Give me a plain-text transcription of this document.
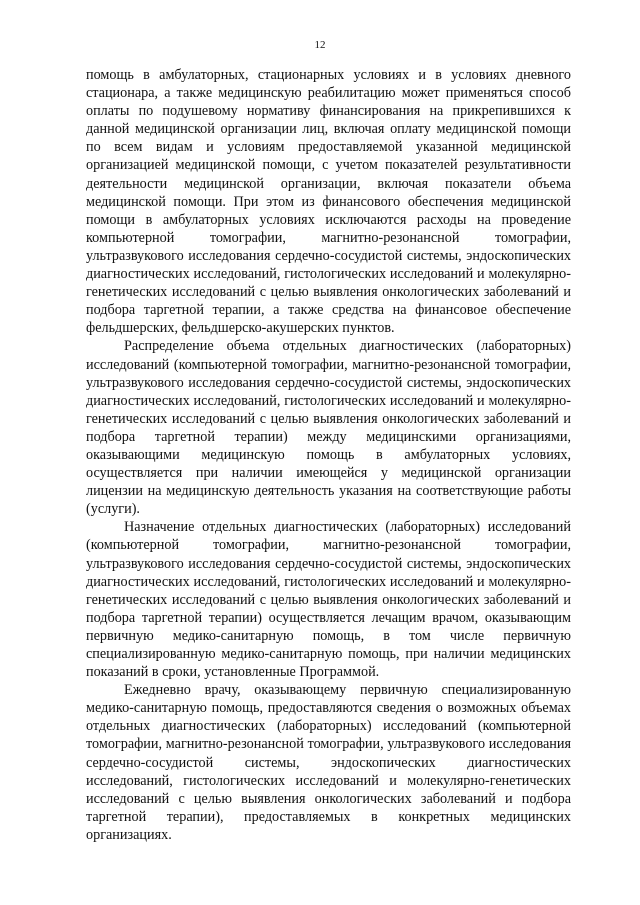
12

помощь в амбулаторных, стационарных условиях и в условиях дневного стационара, а также медицинскую реабилитацию может применяться способ оплаты по подушевому нормативу финансирования на прикрепившихся к данной медицинской организации лиц, включая оплату медицинской помощи по всем видам и условиям предоставляемой указанной медицинской организацией медицинской помощи, с учетом показателей результативности деятельности медицинской организации, включая показатели объема медицинской помощи. При этом из финансового обеспечения медицинской помощи в амбулаторных условиях исключаются расходы на проведение компьютерной томографии, магнитно-резонансной томографии, ультразвукового исследования сердечно-сосудистой системы, эндоскопических диагностических исследований, гистологических исследований и молекулярно-генетических исследований с целью выявления онкологических заболеваний и подбора таргетной терапии, а также средства на финансовое обеспечение фельдшерских, фельдшерско-акушерских пунктов.

Распределение объема отдельных диагностических (лабораторных) исследований (компьютерной томографии, магнитно-резонансной томографии, ультразвукового исследования сердечно-сосудистой системы, эндоскопических диагностических исследований, гистологических исследований и молекулярно-генетических исследований с целью выявления онкологических заболеваний и подбора таргетной терапии) между медицинскими организациями, оказывающими медицинскую помощь в амбулаторных условиях, осуществляется при наличии имеющейся у медицинской организации лицензии на медицинскую деятельность указания на соответствующие работы (услуги).

Назначение отдельных диагностических (лабораторных) исследований (компьютерной томографии, магнитно-резонансной томографии, ультразвукового исследования сердечно-сосудистой системы, эндоскопических диагностических исследований, гистологических исследований и молекулярно-генетических исследований с целью выявления онкологических заболеваний и подбора таргетной терапии) осуществляется лечащим врачом, оказывающим первичную медико-санитарную помощь, в том числе первичную специализированную медико-санитарную помощь, при наличии медицинских показаний в сроки, установленные Программой.

Ежедневно врачу, оказывающему первичную специализированную медико-санитарную помощь, предоставляются сведения о возможных объемах отдельных диагностических (лабораторных) исследований (компьютерной томографии, магнитно-резонансной томографии, ультразвукового исследования сердечно-сосудистой системы, эндоскопических диагностических исследований, гистологических исследований и молекулярно-генетических исследований с целью выявления онкологических заболеваний и подбора таргетной терапии), предоставляемых в конкретных медицинских организациях.
